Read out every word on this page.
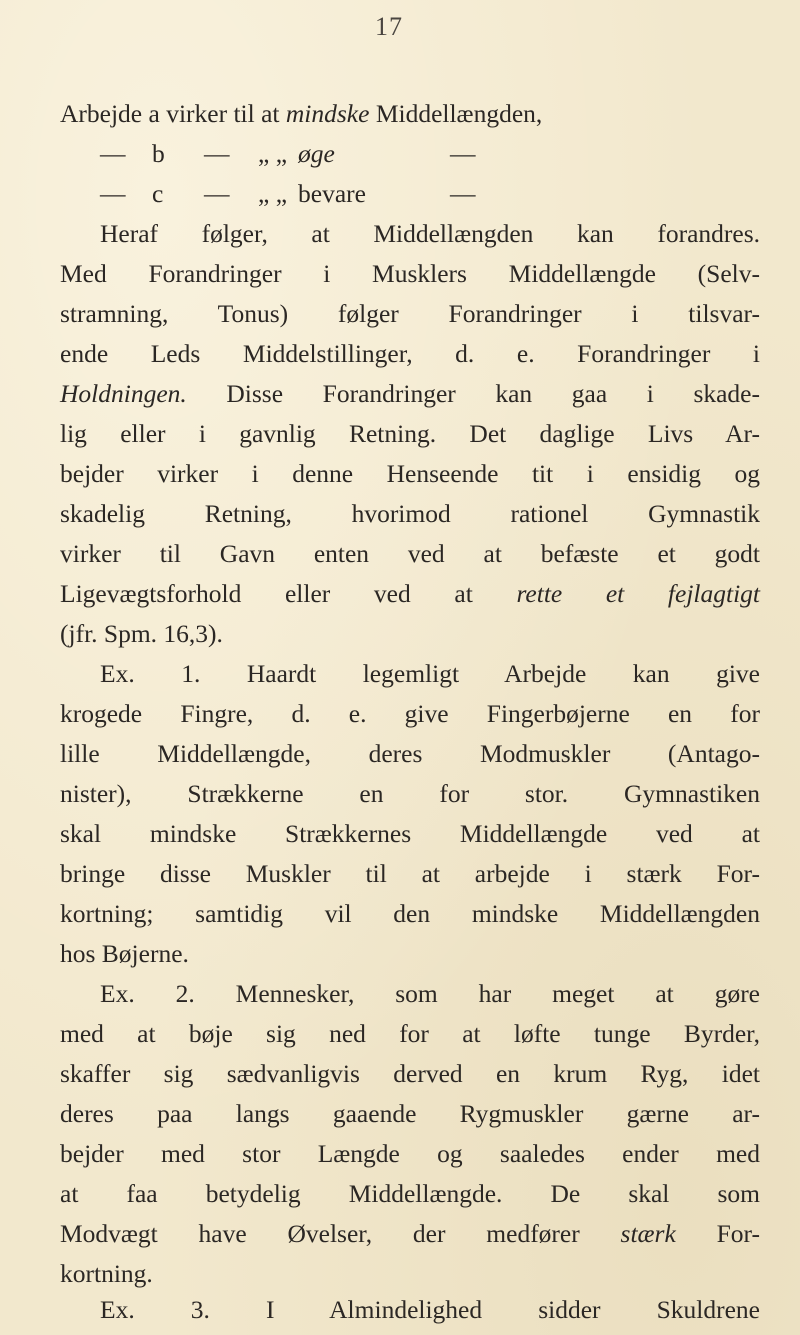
17
Arbejde a virker til at mindske Middellængden,
— b — „ „ øge	—
— c — „ „ bevare	—
Heraf følger, at Middellængden kan forandres.
Med Forandringer i Musklers Middellængde (Selv-
stramning, Tonus) følger Forandringer i tilsvar-
ende Leds Middelstillinger, d. e. Forandringer i
Holdningen. Disse Forandringer kan gaa i skade-
lig eller i gavnlig Retning. Det daglige Livs Ar-
bejder virker i denne Henseende tit i ensidig og
skadelig Retning, hvorimod rationel Gymnastik
virker til Gavn enten ved at befæste et godt
Ligevægtsforhold eller ved at rette et fejlagtigt
(jfr. Spm. 16,3).
Ex. 1. Haardt legemligt Arbejde kan give
krogede Fingre, d. e. give Fingerbøjerne en for
lille Middellængde, deres Modmuskler (Antago-
nister), Strækkerne en for stor. Gymnastiken
skal mindske Strækkernes Middellængde ved at
bringe disse Muskler til at arbejde i stærk For-
kortning; samtidig vil den mindske Middellængden
hos Bøjerne.
Ex. 2. Mennesker, som har meget at gøre
med at bøje sig ned for at løfte tunge Byrder,
skaffer sig sædvanligvis derved en krum Ryg, idet
deres paa langs gaaende Rygmuskler gærne ar-
bejder med stor Længde og saaledes ender med
at faa betydelig Middellængde. De skal som
Modvægt have Øvelser, der medfører stærk For-
kortning.
Ex. 3. I Almindelighed sidder Skuldrene
